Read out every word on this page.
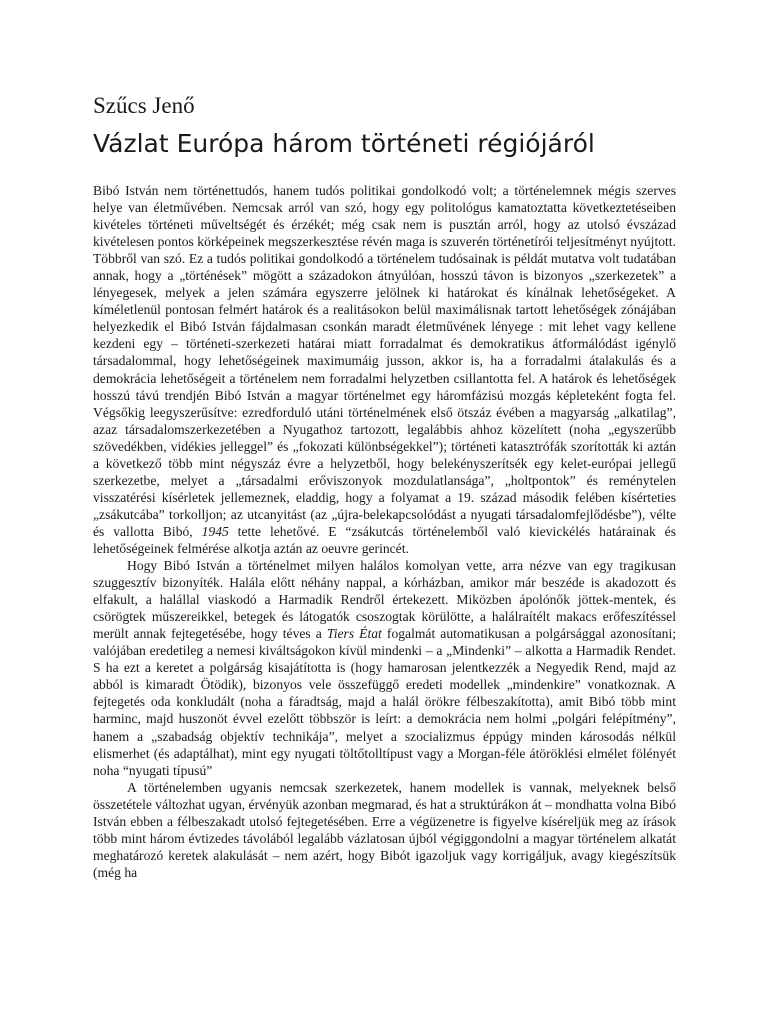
Szűcs Jenő
Vázlat Európa három történeti régiójáról

Bibó István nem történettudós, hanem tudós politikai gondolkodó volt; a történelemnek mégis szerves helye van életművében. Nemcsak arról van szó, hogy egy politológus kamatoztatta következtetéseiben kivételes történeti műveltségét és érzékét; még csak nem is pusztán arról, hogy az utolsó évszázad kivételesen pontos körképeinek megszerkesztése révén maga is szuverén történetírói teljesítményt nyújtott. Többről van szó. Ez a tudós politikai gondolkodó a történelem tudósainak is példát mutatva volt tudatában annak, hogy a „történések” mögött a századokon átnyúlóan, hosszú távon is bizonyos „szerkezetek” a lényegesek, melyek a jelen számára egyszerre jelölnek ki határokat és kínálnak lehetőségeket. A kíméletlenül pontosan felmért határok és a realitásokon belül maximálisnak tartott lehetőségek zónájában helyezkedik el Bibó István fájdalmasan csonkán maradt életművének lényege : mit lehet vagy kellene kezdeni egy – történeti-szerkezeti határai miatt forradalmat és demokratikus átformálódást igénylő társadalommal, hogy lehetőségeinek maximumáig jusson, akkor is, ha a forradalmi átalakulás és a demokrácia lehetőségeit a történelem nem forradalmi helyzetben csillantotta fel. A határok és lehetőségek hosszú távú trendjén Bibó István a magyar történelmet egy háromfázisú mozgás képleteként fogta fel. Végsőkig leegyszerűsítve: ezredforduló utáni történelmének első ötszáz évében a magyarság „alkatilag”, azaz társadalomszerkezetében a Nyugathoz tartozott, legalábbis ahhoz közelített (noha „egyszerűbb szövedékben, vidékies jelleggel” és „fokozati különbségekkel”); történeti katasztrófák szorították ki aztán a következő több mint négyszáz évre a helyzetből, hogy belekényszerítsék egy kelet-európai jellegű szerkezetbe, melyet a „társadalmi erőviszonyok mozdulatlansága”, „holtpontok” és reménytelen visszatérési kísérletek jellemeznek, eladdig, hogy a folyamat a 19. század második felében kísérteties „zsákutcába” torkolljon; az utcanyitást (az „újra-belekapcsolódást a nyugati társadalomfejlődésbe”), vélte és vallotta Bibó, 1945 tette lehetővé. E “zsákutcás történelemből való kievickélés határainak és lehetőségeinek felmérése alkotja aztán az oeuvre gerincét.

Hogy Bibó István a történelmet milyen halálos komolyan vette, arra nézve van egy tragikusan szuggesztív bizonyíték. Halála előtt néhány nappal, a kórházban, amikor már beszéde is akadozott és elfakult, a halállal viaskodó a Harmadik Rendről értekezett. Miközben ápolónők jöttek-mentek, és csörögtek műszereikkel, betegek és látogatók csoszogtak körülötte, a halálraítélt makacs erőfeszítéssel merült annak fejtegetésébe, hogy téves a Tiers État fogalmát automatikusan a polgársággal azonosítani; valójában eredetileg a nemesi kiváltságokon kívül mindenki – a „Mindenki” – alkotta a Harmadik Rendet. S ha ezt a keretet a polgárság kisajátította is (hogy hamarosan jelentkezzék a Negyedik Rend, majd az abból is kimaradt Ötödik), bizonyos vele összefüggő eredeti modellek „mindenkire” vonatkoznak. A fejtegetés oda konkludált (noha a fáradtság, majd a halál örökre félbeszakította), amit Bibó több mint harminc, majd huszonöt évvel ezelőtt többször is leírt: a demokrácia nem holmi „polgári felépítmény”, hanem a „szabadság objektív technikája”, melyet a szocializmus éppúgy minden károsodás nélkül elismerhet (és adaptálhat), mint egy nyugati töltőtolltípust vagy a Morgan-féle átöröklési elmélet fölényét noha “nyugati típusú”

A történelemben ugyanis nemcsak szerkezetek, hanem modellek is vannak, melyeknek belső összetétele változhat ugyan, érvényük azonban megmarad, és hat a struktúrákon át – mondhatta volna Bibó István ebben a félbeszakadt utolsó fejtegetésében. Erre a végüzenetre is figyelve kíséreljük meg az írások több mint három évtizedes távolából legalább vázlatosan újból végiggondolni a magyar történelem alkatát meghatározó keretek alakulását – nem azért, hogy Bibót igazoljuk vagy korrigáljuk, avagy kiegészítsük (még ha
